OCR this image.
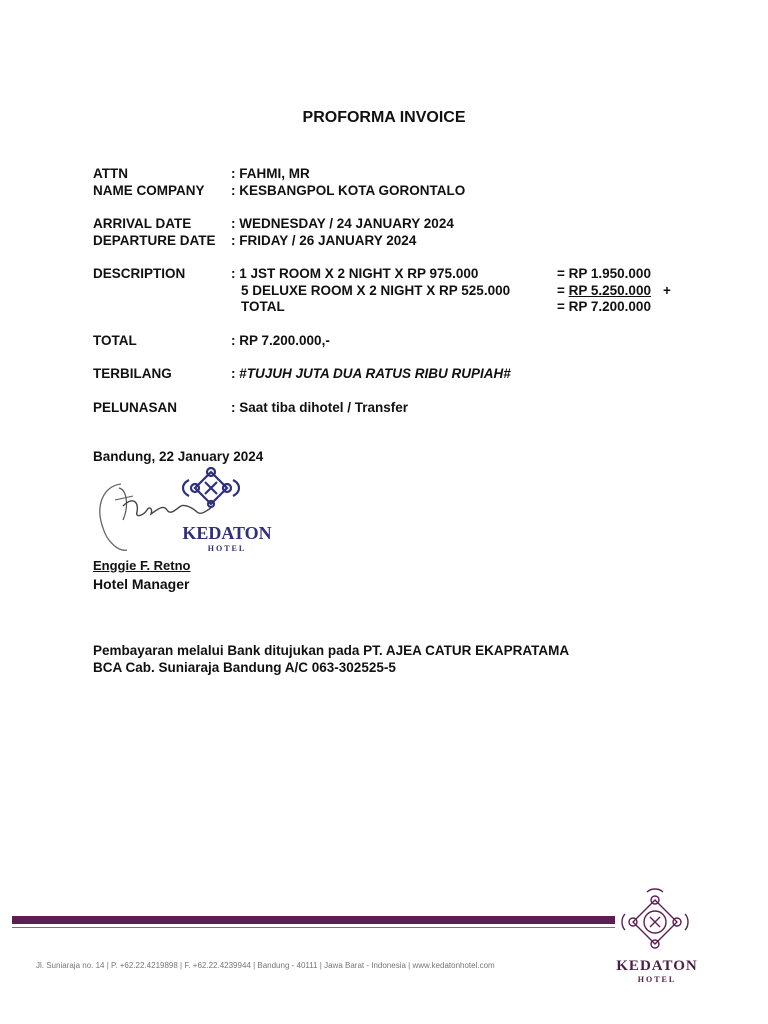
PROFORMA INVOICE
ATTN	: FAHMI, MR
NAME COMPANY : KESBANGPOL KOTA GORONTALO
ARRIVAL DATE	: WEDNESDAY / 24 JANUARY 2024
DEPARTURE DATE : FRIDAY / 26 JANUARY 2024
DESCRIPTION	: 1 JST ROOM X 2 NIGHT X RP 975.000	= RP 1.950.000
5 DELUXE ROOM X 2 NIGHT X RP 525.000	= RP 5.250.000 +
TOTAL	= RP 7.200.000
TOTAL	: RP 7.200.000,-
TERBILANG	: #TUJUH JUTA DUA RATUS RIBU RUPIAH#
PELUNASAN	: Saat tiba dihotel / Transfer
Bandung, 22 January 2024
KEDATON
HOTEL
Enggie F. Retno
Hotel Manager
Pembayaran melalui Bank ditujukan pada PT. AJEA CATUR EKAPRATAMA
BCA Cab. Suniaraja Bandung A/C 063-302525-5
Jl. Suniaraja no. 14 | P. +62.22.4219898 | F. +62.22.4239944 | Bandung - 40111 | Jawa Barat - Indonesia | www.kedatonhotel.com	KEDATON
HOTEL
